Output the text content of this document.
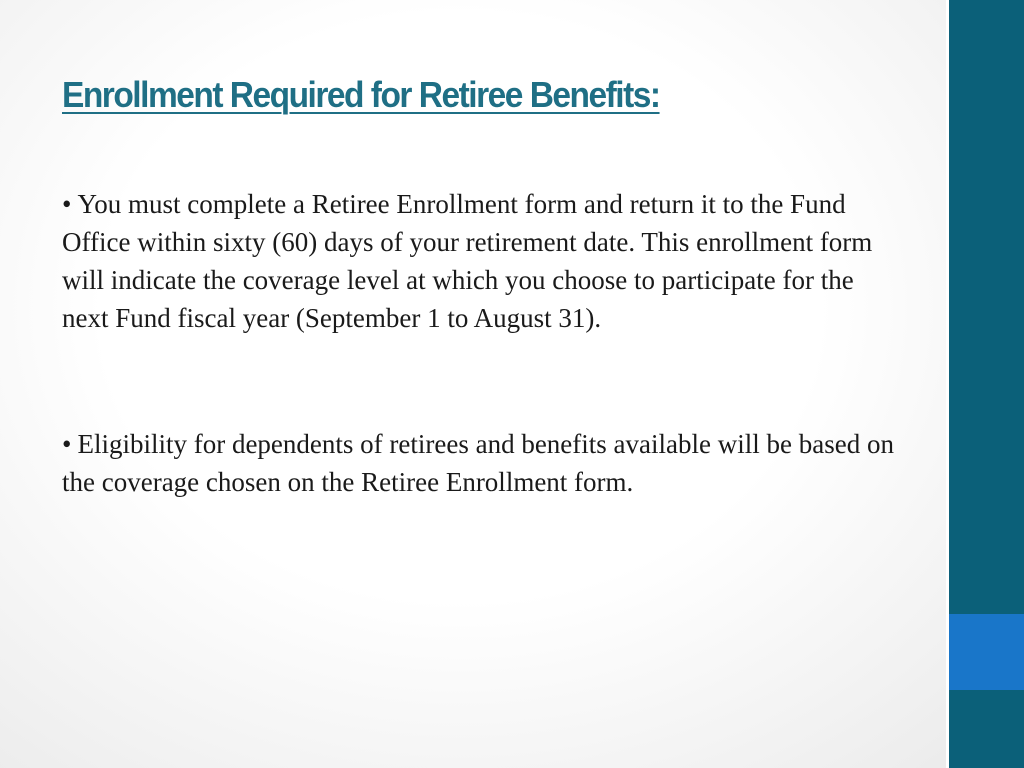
Enrollment Required for Retiree Benefits:

• You must complete a Retiree Enrollment form and return it to the Fund Office within sixty (60) days of your retirement date. This enrollment form will indicate the coverage level at which you choose to participate for the next Fund fiscal year (September 1 to August 31).

• Eligibility for dependents of retirees and benefits available will be based on the coverage chosen on the Retiree Enrollment form.
